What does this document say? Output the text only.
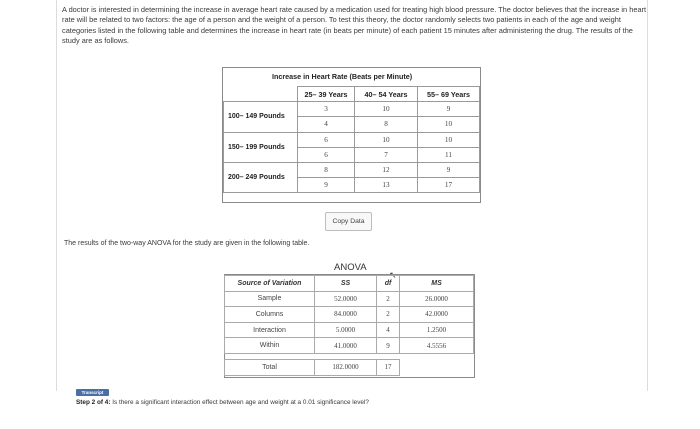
A doctor is interested in determining the increase in average heart rate caused by a medication used for treating high blood pressure. The doctor believes that the increase in heart rate will be related to two factors: the age of a person and the weight of a person. To test this theory, the doctor randomly selects two patients in each of the age and weight categories listed in the following table and determines the increase in heart rate (in beats per minute) of each patient 15 minutes after administering the drug. The results of the study are as follows.

Increase in Heart Rate (Beats per Minute)
	25– 39 Years	40– 54 Years	55– 69 Years
100– 149 Pounds	3	10	9
	4	8	10
150– 199 Pounds	6	10	10
	6	7	11
200– 249 Pounds	8	12	9
	9	13	17
Copy Data
The results of the two-way ANOVA for the study are given in the following table.
ANOVA
↖
Source of Variation	SS	df	MS
Sample	52.0000	2	26.0000
Columns	84.0000	2	42.0000
Interaction	5.0000	4	1.2500
Within	41.0000	9	4.5556

Total	182.0000	17	
Transcript
Step 2 of 4: Is there a significant interaction effect between age and weight at a 0.01 significance level?
